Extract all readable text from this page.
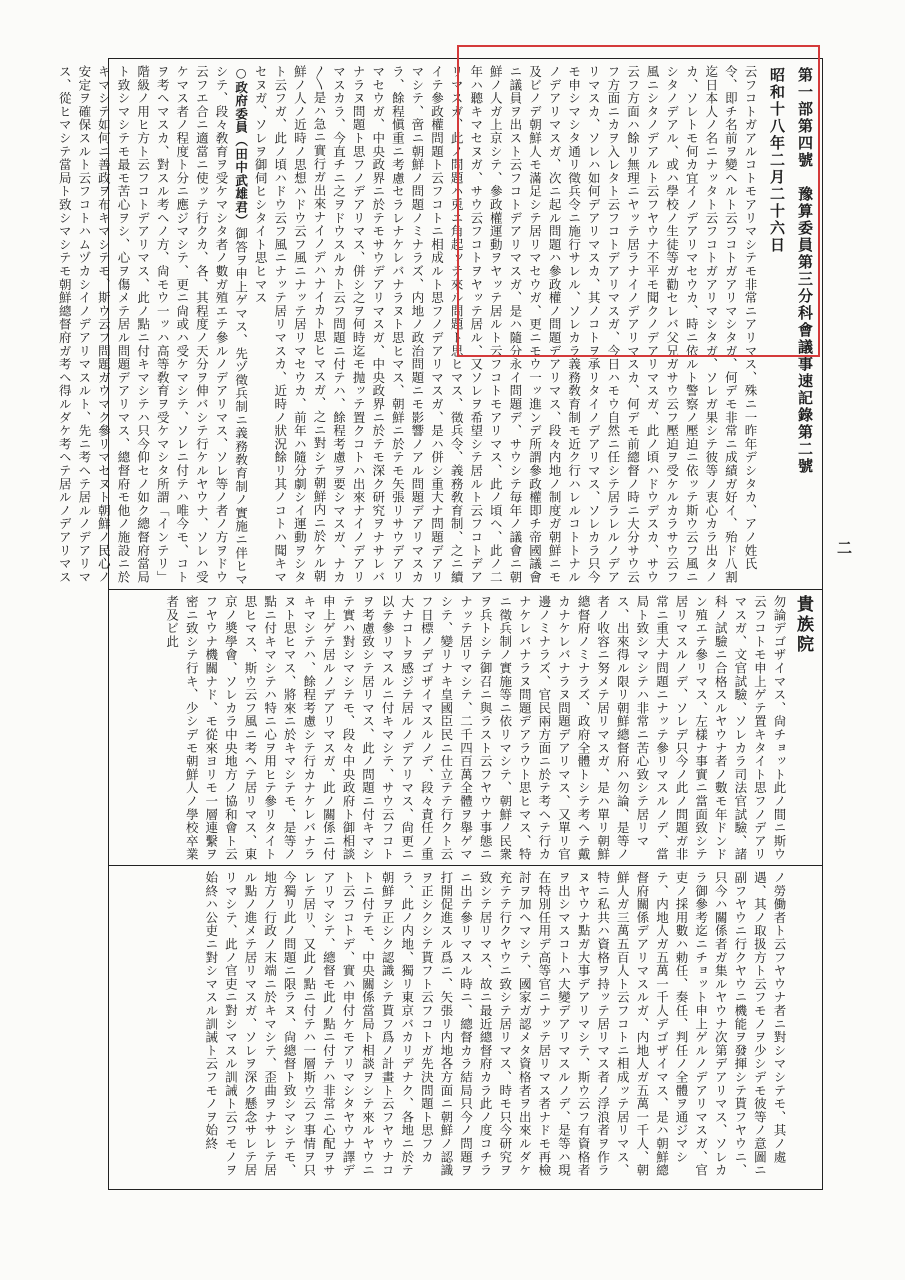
昭和十八年二月二十六日 第一部第四號　豫算委員第三分科會議事速記錄第二號

云フコトガアルコトモアリマシテモ非常ニアリマス、殊ニ一昨年デシタカ、アノ姓氏令、即チ名前ヲ變ヘルト云フコトガアリマシタガ、何デモ非常ニ成績ガ好イ、殆ド八割迄日本人ノ名ニナッタト云フコトガアリマシタガ、ソレガ果シテ彼等ノ衷心カラ出タノカ、ソレトモ何カ宜イノデアリマセウカ、時ニ依ルト警察ノ壓迫ニ依ッテ斯ウ云フ風ニシタノデアル、或ハ學校ノ生徒等ガ勸セレバ父兄ガサウ云フ壓迫ヲ受ケルカラサウ云フ風ニシタノデアルト云フヤウナ不平モ聞クノデアリマスガ、此ノ頃ハドウデスカ、サウ云フ方面ハ餘リ無理ニヤッテ居ラナイノデアリマスカ、何デモ前總督ノ時ニ大分サウ云フ方面ニカヲ入レタト云フコトデアリマスガ、今日ハモウ自然ニ任シテ居ラレルノデアリマスカ、ソレハ如何デアリマスカ、其ノコトヲ承リタイノデアリマス、ソレカラ只今モ申シマシタ通リ徵兵令ニ施行サレル、ソレカラ義務敎育制モ近ク行ハレルコトトナルノデアリマスガ、次ニ起ル問題ハ參政權ノ問題デアリマス、段々内地ノ制度ガ朝鮮ニモ及ビノデ朝鮮人モ滿足シテ居リマセウガ、更ニモウ一ッ進ンデ所謂參政權即チ帝國議會ニ議員ヲ出スト云フコトデアリマスガ、是ハ隨分永イ問題デ、サウシテ毎年ノ議會ニ朝鮮ノ人ガ上京シテ、參政權運動ヲヤッテ居ルト云フコトモアリマス、此ノ頃ヘ、此ノ二年ハ聽キマセヌガ、サウ云フコトヲヤッテ居ル、又ソレヲ希望シテ居ルト云フコトデアリマスガ、此ノ問題ハ兎ニ角起ッテ來ル問題ト思ヒマス、徵兵令、義務敎育制、之ニ續イテ參政權問題ト云フコトニ相成ルト思フノデアリマスガ、是ハ併シ重大ナ問題デアリマシテ、啻ニ朝鮮ノ問題ノミナラズ、内地ノ政治問題ニモ影響ノアル問題デアリマスカラ、餘程愼重ニ考慮セラレナケレバナラヌト思ヒマス、朝鮮ニ於テモ矢張リサウデアリマセウガ、中央政界ニ於テモサウデアリマスガ、中央政界ニ於テモ深ク研究ヲナサレバナラヌ問題ト思フノデアリマス、併シ之ヲ何時迄モ抛ッテ置クコトハ出來ナイノデアリマスカラ、今直チニ之ヲドウスルカト云フ問題ニ付テハ、餘程考慮ヲ要シマスガ、ナカ〳〵是ハ急ニ實行ガ出來ナイノデハナイカト思ヒマスガ、之ニ對シテ朝鮮内ニ於ケル朝鮮ノ人ノ近時ノ思想ハドウ云フ風ニナッテ居リマセウカ、前年ハ隨分劇シイ運動ヲシタト云フガ、此ノ頃ハドウ云フ風ニナッテ居リマスカ、近時ノ狀況餘リ其ノコトハ聞キマセヌガ、ソレヲ御伺ヒシタイト思ヒマス

○政府委員（田中武雄君）御答ヲ申上ゲマス、先ヅ徵兵制ニ義務敎育制ノ實施ニ伴ヒマシテ、段々敎育ヲ受ケマシタ者ノ數ガ殖エテ參ルノデアリマス、ソレ等ノ者ノ方ヲドウ云フエ合ニ適當ニ使ッテ行クカ、各、其程度ノ天分ヲ伸バシテ行ケルヤウナ、ソレハ受ケマス者ノ程度ト分ニ應ジマシテ、更ニ尙或ハ受ケマシテ、ソレニ付テハ唯今モ、コトヲ考ヘマスカ、對スル考ヘノ方、尙モウ一ッハ高等敎育ヲ受ケマシタ所謂「インテリ」階級ノ用ヒ方ト云フコトデアリマス、此ノ點ニ付キマシテハ只今仰セノ如ク總督府當局ト致シマシテモ最モ苦心ヲシ、心ヲ傷メテ居ル問題デアリマス、總督府モ他ノ施設ニ於キマシテ如何ニ善政ヲ布キマシテモ、斯ウ云フ問題ガウマク參リマセヌト朝鮮ノ民心ノ安定ヲ確保スルト云フコトハムヅカシイノデアリマスルト、先ニ考ヘテ居ルノデアリマス、從ヒマシテ當局ト致シマシテモ朝鮮總督府ガ考ヘ得ルダケ考ヘテ居ルノデアリマス

貴族院

勿論デゴザイマス、尙チョット此ノ間ニ斯ウ云フコトモ申上ゲテ置キタイト思フノデアリマスガ、文官試驗、ソレカラ司法官試驗、諸科ノ試驗ニ合格スルヤウナ者ノ數モ年ドンドン殖エテ參リマス、左樣ナ事實ニ當面致シテ居リマスルノデ、ソレデ只今ノ此ノ問題ガ非常ニ重大ナ問題ニナッテ參リマスルノデ、當局ト致シマシテハ非常ニ苦心致シテ居リマス、出來得ル限リ朝鮮總督府ハ勿論、是等ノ者ノ收容ニ努メテ居リマスガ、是ハ單リ朝鮮總督府ノミナラズ、政府全體トシテ考ヘテ戴カナケレバナラヌ問題デアリマス、又單リ官邊ノミナラズ、官民兩方面ニ於テ考ヘテ行カナケレバナラヌ問題デアラウト思ヒマス、特ニ徵兵制ノ實施等ニ依リマシテ、朝鮮ノ民衆ヲ兵トシテ御召ニ與ラスト云フヤウナ事態ニナッテ居リマシテ、二千四百萬全體ヲ舉ゲマシテ、變リナキ皇國臣民ニ仕立テテ行クト云フ日標ノデゴザイマスルノデ、段々責任ノ重大ナコトヲ感ジテ居ルノデアリマス、尙更ニ以テ參リマスルニ付キマシテ、サウ云フコトヲ考慮致シテ居リマス、此ノ問題ニ付キマシテ實ハ對シマシテモ、段々中央政府ト御相談申上ゲテ居ルノデアリマスガ、此ノ關係ニ付キマシテハ、餘程考慮シテ行カナケレバナラヌト思ヒマス、將來ニ於キマシテモ、是等ノ點ニ付キマシテハ特ニ心ヲ用ヒテ參リタイト思ヒマス、斯ウ云フ風ニ考ヘテ居リマス、東京ノ奬學會、ソレカラ中央地方ノ協和會ト云フヤウナ機關ナド、モ從來ヨリモ一層連繫ヲ密ニ致シテ行キ、少シデモ朝鮮人ノ學校卒業者及ビ此

ノ勞働者ト云フヤウナ者ニ對シマシテモ、其ノ處遇、其ノ取扱方ト云フモノヲ少シデモ彼等ノ意圖ニ副フヤウニ行クヤウニ機能ヲ發揮シテ貰フヤウニ、只今ハ關係者ガ集ルヤウナ次第デアリマス、ソレカラ御參考迄ニチョット申上ゲルノデアリマスガ、官吏ノ採用數ハ勅任、奏任、判任ノ全體ヲ通ジマシテ、内地人ガ五萬一千人デゴザイマス、是ハ朝鮮總督府關係デアリマスルガ、内地人ガ五萬一千人、朝鮮人ガ三萬五百人ト云フコトニ相成ッテ居リマス、特ニ私共ハ資格ヲ持ッテ居リマス者ノ浮浪者ヲ作ラヌヤウナ點ガ大事デアリマシテ、斯ウ云フ有資格者ヲ出シマスコトハ大變デアリマスルノデ、是等ハ現在特別任用デ高等官ニナッテ居リマス者ナドモ再檢討ヲ加ヘマシテ、國家ガ認メタ資格者ヲ出來ルダケ充テテ行クヤウニ致シテ居リマス、時モ只今研究ヲ致シテ居リマス、故ニ最近總督府カラ此ノ度コチラニ出テ參リマスル時ニ、總督カラ結局只今ノ問題ヲ打開促進スル爲ニ、矢張リ内地各方面ニ朝鮮ノ認識ヲ正シクシテ貰フト云フコトガ先決問題ト思フカラ、此ノ内地、獨リ東京バカリデナク、各地ニ於テ朝鮮ヲ正シク認識シテ貰フ爲ノ計畫ト云フヤウナコトニ付テモ、中央關係當局ト相談ヲシテ來ルヤウニト云フコトデ、實ハ申付ケモアリマシタヤウナ譯デアリマシテ、總督モ此ノ點ニ付テハ非常ニ心配ヲサレテ居リ、又此ノ點ニ付テハ一層斯ウ云フ事情ヲ只今獨リ此ノ問題ニ限ラヌ、尙總督ト致シマシテモ、地方ノ行政ノ末端ニ於キマシテ、歪曲ヲナサレテ居ル點ノ進メテ居リマスガ、ソレヲ深ク懸念サレテ居リマシテ、此ノ官吏ニ對シマスル訓誡ト云フモノヲ始終ハ公吏ニ對シマスル訓誡ト云フモノヲ始終

二
